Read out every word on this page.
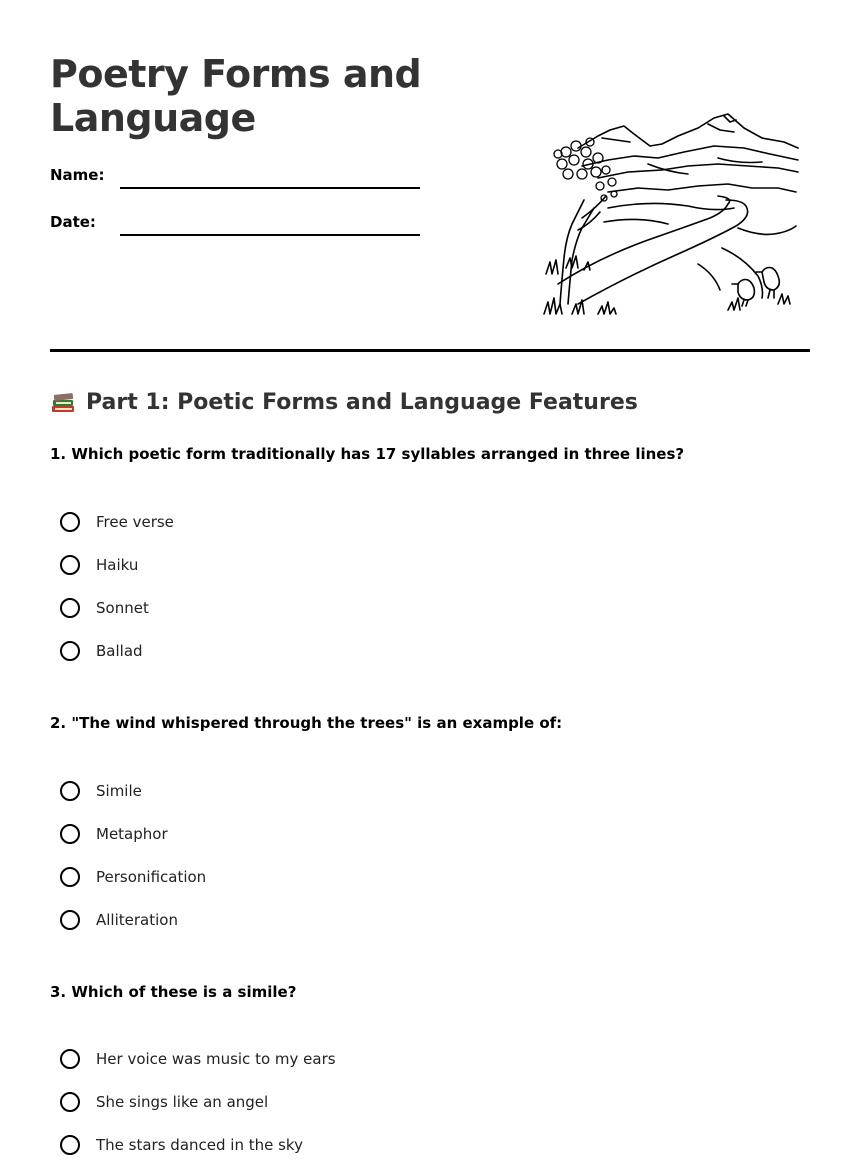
Poetry Forms and Language
Name:
Date:
Part 1: Poetic Forms and Language Features

1. Which poetic form traditionally has 17 syllables arranged in three lines?

Free verse
Haiku
Sonnet
Ballad

2. "The wind whispered through the trees" is an example of:

Simile
Metaphor
Personification
Alliteration

3. Which of these is a simile?

Her voice was music to my ears
She sings like an angel
The stars danced in the sky
